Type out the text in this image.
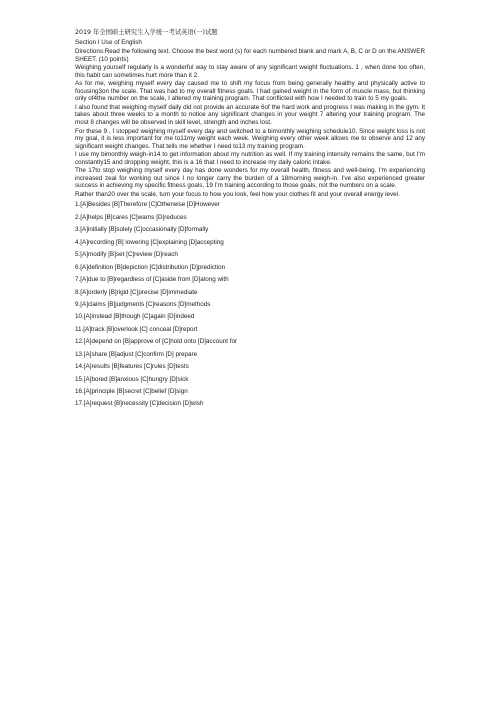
2019 年全国硕士研究生入学统一考试英语(一)试题
Section I Use of English
Directions:Read the following text. Choose the best word (s) for each numbered blank and mark A, B, C or D on the ANSWER SHEET. (10 points)
Weighing yourself regularly is a wonderful way to stay aware of any significant weight fluctuations. 1 , when done too often, this habit can sometimes hurt more than it 2.
As for me, weighing myself every day caused me to shift my focus from being generally healthy and physically active to focusing3on the scale. That was had to my overall fitness goats. I had gained weight in the form of muscle mass, but thinking only of4the number on the scale, I altered my training program. That conflicted with how I needed to train to 5 my goals.
I also found that weighing myself daily did not provide an accurate 6of the hard work and progress I was making in the gym. It takes about three weeks to a month to notice any significant changes in your weight 7 altering your training program. The most 8 changes will be observed in skill level, strength and inches lost.
For these 9 , I stopped weighing myself every day and switched to a bimonthly weighing schedule10. Since weight loss is not my goal, it is less important for me to11my weight each week. Weighing every other week allows me to observe and 12 any significant weight changes. That tells me whether I need to13 my training program.
I use my bimonthly weigh-in14 to get information about my nutrition as well. If my training intensity remains the same, but I'm constantly15 and dropping weight, this is a 16 that I need to increase my daily caloric intake.
The 17to stop weighing myself every day has done wonders for my overall health, fitness and well-being. I'm experiencing increased zeal for working out since I no longer carry the burden of a 18morning weigh-in. I've also experienced greater success in achieving my specific fitness goals, 19 I'm training according to those goals, not the numbers on a scale.
Rather than20 over the scale, turn your focus to how you look, feel how your clothes fit and your overall energy level.
1.[A]Besides [B]Therefore [C]Otherwise [D]However
2.[A]helps [B]cares [C]warns [D]reduces
3.[A]initially [B]solely [C]occasionally [D]formally
4.[A]recording [B] lowering [C]explaining [D]accepting
5.[A]modify [B]set [C]review [D]reach
6.[A]definition [B]depiction [C]distribution [D]prediction
7.[A]due to [B]regardless of [C]aside from [D]along with
8.[A]orderly [B]rigid [C]precise [D]immediate
9.[A]claims [B]judgments [C]reasons [D]methods
10.[A]instead [B]though [C]again [D]indeed
11.[A]track [B]overlook [C] conceal [D]report
12.[A]depend on [B]approve of [C]hold onto [D]account for
13.[A]share [B]adjust [C]confirm [D] prepare
14.[A]results [B]features [C]rules [D]tests
15.[A]bored [B]anxious [C]hungry [D]sick
16.[A]principle [B]secret [C]belief [D]sign
17.[A]request [B]necessity [C]decision [D]wish
